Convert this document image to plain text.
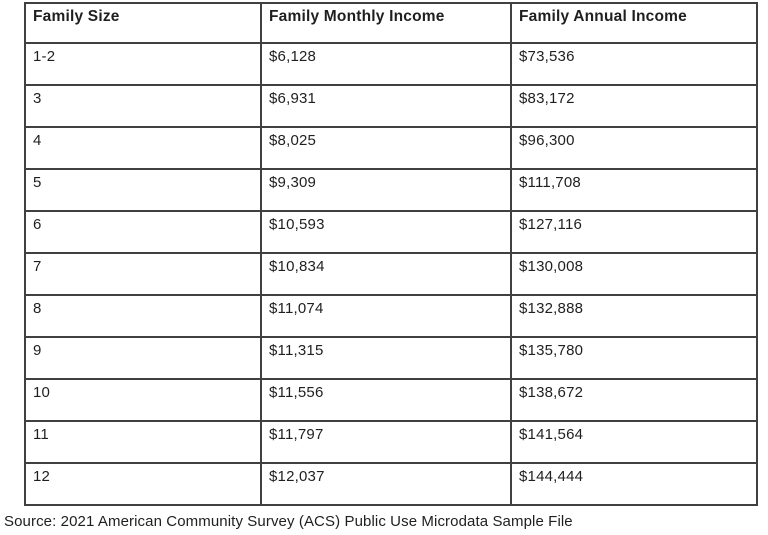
Family Size	Family Monthly Income	Family Annual Income
1-2	$6,128	$73,536
3	$6,931	$83,172
4	$8,025	$96,300
5	$9,309	$111,708
6	$10,593	$127,116
7	$10,834	$130,008
8	$11,074	$132,888
9	$11,315	$135,780
10	$11,556	$138,672
11	$11,797	$141,564
12	$12,037	$144,444
Source: 2021 American Community Survey (ACS) Public Use Microdata Sample File
